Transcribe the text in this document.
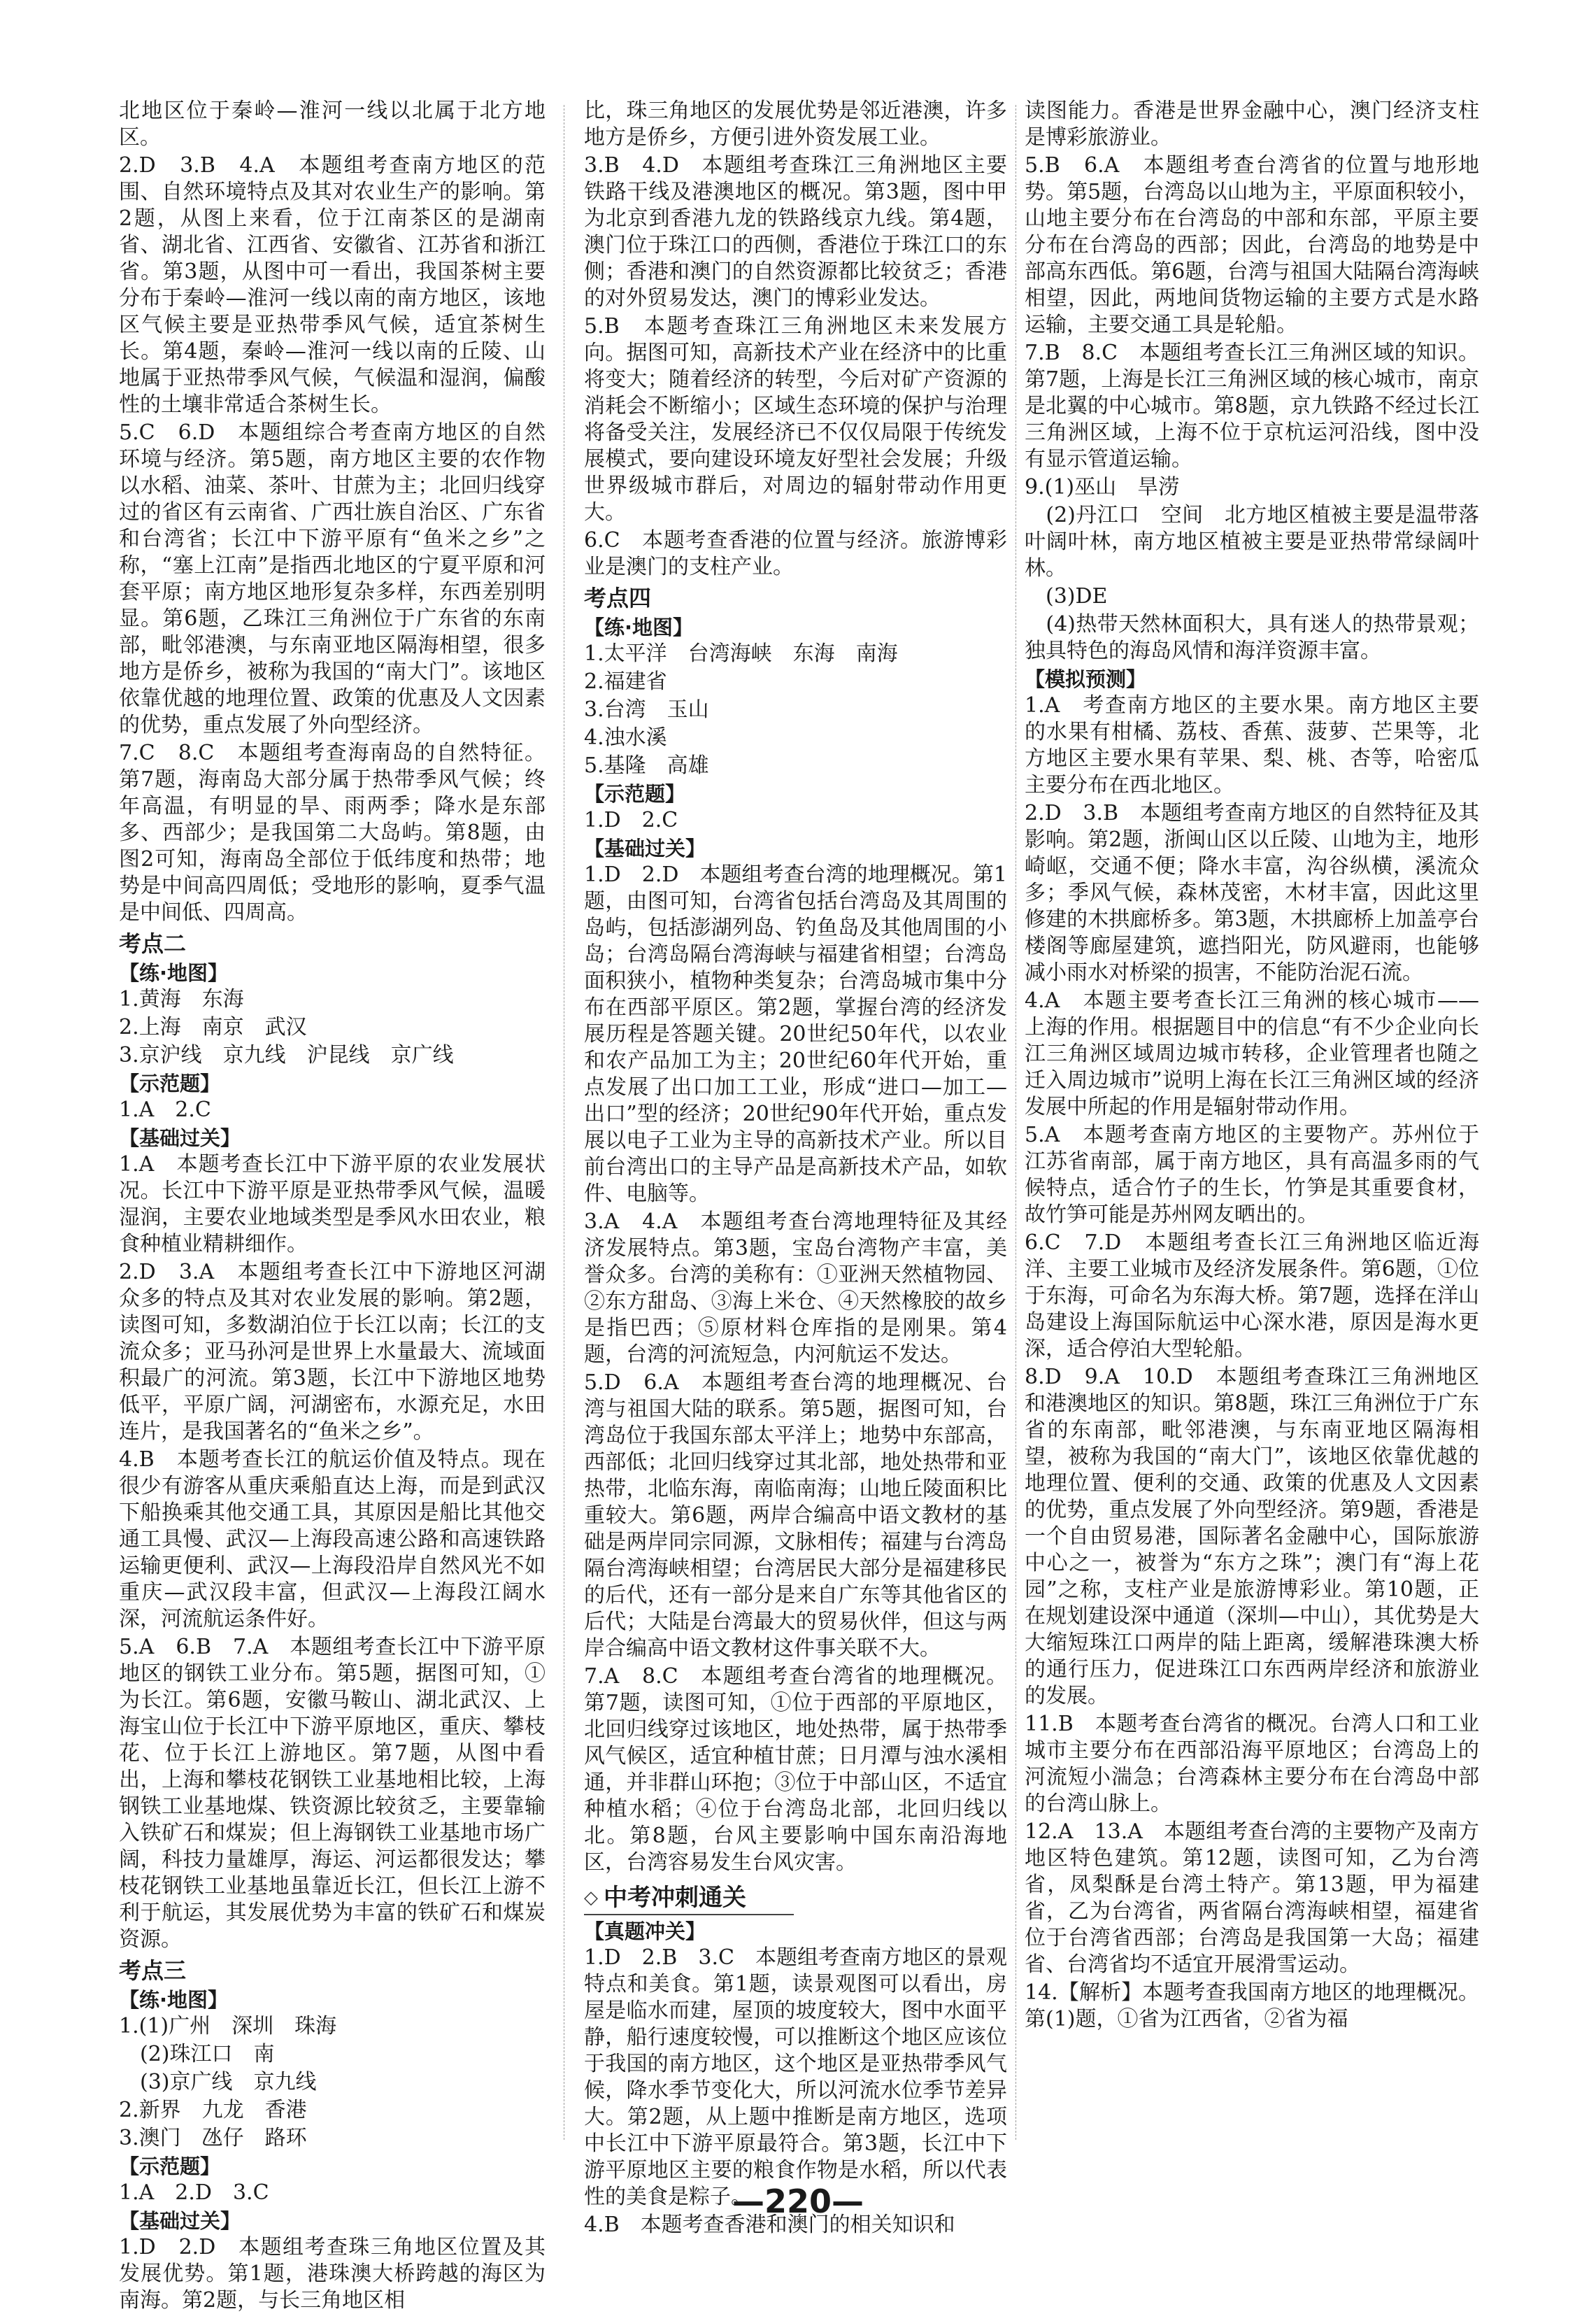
北地区位于秦岭—淮河一线以北属于北方地区。
2.D　3.B　4.A　本题组考查南方地区的范围、自然环境特点及其对农业生产的影响。第2题，从图上来看，位于江南茶区的是湖南省、湖北省、江西省、安徽省、江苏省和浙江省。第3题，从图中可一看出，我国茶树主要分布于秦岭—淮河一线以南的南方地区，该地区气候主要是亚热带季风气候，适宜茶树生长。第4题，秦岭—淮河一线以南的丘陵、山地属于亚热带季风气候，气候温和湿润，偏酸性的土壤非常适合茶树生长。
5.C　6.D　本题组综合考查南方地区的自然环境与经济。第5题，南方地区主要的农作物以水稻、油菜、茶叶、甘蔗为主；北回归线穿过的省区有云南省、广西壮族自治区、广东省和台湾省；长江中下游平原有“鱼米之乡”之称，“塞上江南”是指西北地区的宁夏平原和河套平原；南方地区地形复杂多样，东西差别明显。第6题，乙珠江三角洲位于广东省的东南部，毗邻港澳，与东南亚地区隔海相望，很多地方是侨乡，被称为我国的“南大门”。该地区依靠优越的地理位置、政策的优惠及人文因素的优势，重点发展了外向型经济。
7.C　8.C　本题组考查海南岛的自然特征。第7题，海南岛大部分属于热带季风气候；终年高温，有明显的旱、雨两季；降水是东部多、西部少；是我国第二大岛屿。第8题，由图2可知，海南岛全部位于低纬度和热带；地势是中间高四周低；受地形的影响，夏季气温是中间低、四周高。
考点二
【练·地图】
1.黄海　东海
2.上海　南京　武汉
3.京沪线　京九线　沪昆线　京广线
【示范题】
1.A　2.C
【基础过关】
1.A　本题考查长江中下游平原的农业发展状况。长江中下游平原是亚热带季风气候，温暖湿润，主要农业地域类型是季风水田农业，粮食种植业精耕细作。
2.D　3.A　本题组考查长江中下游地区河湖众多的特点及其对农业发展的影响。第2题，读图可知，多数湖泊位于长江以南；长江的支流众多；亚马孙河是世界上水量最大、流域面积最广的河流。第3题，长江中下游地区地势低平，平原广阔，河湖密布，水源充足，水田连片，是我国著名的“鱼米之乡”。
4.B　本题考查长江的航运价值及特点。现在很少有游客从重庆乘船直达上海，而是到武汉下船换乘其他交通工具，其原因是船比其他交通工具慢、武汉—上海段高速公路和高速铁路运输更便利、武汉—上海段沿岸自然风光不如重庆—武汉段丰富，但武汉—上海段江阔水深，河流航运条件好。
5.A　6.B　7.A　本题组考查长江中下游平原地区的钢铁工业分布。第5题，据图可知，①为长江。第6题，安徽马鞍山、湖北武汉、上海宝山位于长江中下游平原地区，重庆、攀枝花、位于长江上游地区。第7题，从图中看出，上海和攀枝花钢铁工业基地相比较，上海钢铁工业基地煤、铁资源比较贫乏，主要靠输入铁矿石和煤炭；但上海钢铁工业基地市场广阔，科技力量雄厚，海运、河运都很发达；攀枝花钢铁工业基地虽靠近长江，但长江上游不利于航运，其发展优势为丰富的铁矿石和煤炭资源。
考点三
【练·地图】
1.(1)广州　深圳　珠海
　(2)珠江口　南
　(3)京广线　京九线
2.新界　九龙　香港
3.澳门　氹仔　路环
【示范题】
1.A　2.D　3.C
【基础过关】
1.D　2.D　本题组考查珠三角地区位置及其发展优势。第1题，港珠澳大桥跨越的海区为南海。第2题，与长三角地区相
比，珠三角地区的发展优势是邻近港澳，许多地方是侨乡，方便引进外资发展工业。
3.B　4.D　本题组考查珠江三角洲地区主要铁路干线及港澳地区的概况。第3题，图中甲为北京到香港九龙的铁路线京九线。第4题，澳门位于珠江口的西侧，香港位于珠江口的东侧；香港和澳门的自然资源都比较贫乏；香港的对外贸易发达，澳门的博彩业发达。
5.B　本题考查珠江三角洲地区未来发展方向。据图可知，高新技术产业在经济中的比重将变大；随着经济的转型，今后对矿产资源的消耗会不断缩小；区域生态环境的保护与治理将备受关注，发展经济已不仅仅局限于传统发展模式，要向建设环境友好型社会发展；升级世界级城市群后，对周边的辐射带动作用更大。
6.C　本题考查香港的位置与经济。旅游博彩业是澳门的支柱产业。
考点四
【练·地图】
1.太平洋　台湾海峡　东海　南海
2.福建省
3.台湾　玉山
4.浊水溪
5.基隆　高雄
【示范题】
1.D　2.C
【基础过关】
1.D　2.D　本题组考查台湾的地理概况。第1题，由图可知，台湾省包括台湾岛及其周围的岛屿，包括澎湖列岛、钓鱼岛及其他周围的小岛；台湾岛隔台湾海峡与福建省相望；台湾岛面积狭小，植物种类复杂；台湾岛城市集中分布在西部平原区。第2题，掌握台湾的经济发展历程是答题关键。20世纪50年代，以农业和农产品加工为主；20世纪60年代开始，重点发展了出口加工工业，形成“进口—加工—出口”型的经济；20世纪90年代开始，重点发展以电子工业为主导的高新技术产业。所以目前台湾出口的主导产品是高新技术产品，如软件、电脑等。
3.A　4.A　本题组考查台湾地理特征及其经济发展特点。第3题，宝岛台湾物产丰富，美誉众多。台湾的美称有：①亚洲天然植物园、②东方甜岛、③海上米仓、④天然橡胶的故乡是指巴西；⑤原材料仓库指的是刚果。第4题，台湾的河流短急，内河航运不发达。
5.D　6.A　本题组考查台湾的地理概况、台湾与祖国大陆的联系。第5题，据图可知，台湾岛位于我国东部太平洋上；地势中东部高，西部低；北回归线穿过其北部，地处热带和亚热带，北临东海，南临南海；山地丘陵面积比重较大。第6题，两岸合编高中语文教材的基础是两岸同宗同源，文脉相传；福建与台湾岛隔台湾海峡相望；台湾居民大部分是福建移民的后代，还有一部分是来自广东等其他省区的后代；大陆是台湾最大的贸易伙伴，但这与两岸合编高中语文教材这件事关联不大。
7.A　8.C　本题组考查台湾省的地理概况。第7题，读图可知，①位于西部的平原地区，北回归线穿过该地区，地处热带，属于热带季风气候区，适宜种植甘蔗；日月潭与浊水溪相通，并非群山环抱；③位于中部山区，不适宜种植水稻；④位于台湾岛北部，北回归线以北。第8题，台风主要影响中国东南沿海地区，台湾容易发生台风灾害。
◇ 中考冲刺通关
【真题冲关】
1.D　2.B　3.C　本题组考查南方地区的景观特点和美食。第1题，读景观图可以看出，房屋是临水而建，屋顶的坡度较大，图中水面平静，船行速度较慢，可以推断这个地区应该位于我国的南方地区，这个地区是亚热带季风气候，降水季节变化大，所以河流水位季节差异大。第2题，从上题中推断是南方地区，选项中长江中下游平原最符合。第3题，长江中下游平原地区主要的粮食作物是水稻，所以代表性的美食是粽子。
4.B　本题考查香港和澳门的相关知识和
读图能力。香港是世界金融中心，澳门经济支柱是博彩旅游业。
5.B　6.A　本题组考查台湾省的位置与地形地势。第5题，台湾岛以山地为主，平原面积较小，山地主要分布在台湾岛的中部和东部，平原主要分布在台湾岛的西部；因此，台湾岛的地势是中部高东西低。第6题，台湾与祖国大陆隔台湾海峡相望，因此，两地间货物运输的主要方式是水路运输，主要交通工具是轮船。
7.B　8.C　本题组考查长江三角洲区域的知识。第7题，上海是长江三角洲区域的核心城市，南京是北翼的中心城市。第8题，京九铁路不经过长江三角洲区域，上海不位于京杭运河沿线，图中没有显示管道运输。
9.(1)巫山　旱涝
　(2)丹江口　空间　北方地区植被主要是温带落叶阔叶林，南方地区植被主要是亚热带常绿阔叶林。
　(3)DE
　(4)热带天然林面积大，具有迷人的热带景观；独具特色的海岛风情和海洋资源丰富。
【模拟预测】
1.A　考查南方地区的主要水果。南方地区主要的水果有柑橘、荔枝、香蕉、菠萝、芒果等，北方地区主要水果有苹果、梨、桃、杏等，哈密瓜主要分布在西北地区。
2.D　3.B　本题组考查南方地区的自然特征及其影响。第2题，浙闽山区以丘陵、山地为主，地形崎岖，交通不便；降水丰富，沟谷纵横，溪流众多；季风气候，森林茂密，木材丰富，因此这里修建的木拱廊桥多。第3题，木拱廊桥上加盖亭台楼阁等廊屋建筑，遮挡阳光，防风避雨，也能够减小雨水对桥梁的损害，不能防治泥石流。
4.A　本题主要考查长江三角洲的核心城市——上海的作用。根据题目中的信息“有不少企业向长江三角洲区域周边城市转移，企业管理者也随之迁入周边城市”说明上海在长江三角洲区域的经济发展中所起的作用是辐射带动作用。
5.A　本题考查南方地区的主要物产。苏州位于江苏省南部，属于南方地区，具有高温多雨的气候特点，适合竹子的生长，竹笋是其重要食材，故竹笋可能是苏州网友晒出的。
6.C　7.D　本题组考查长江三角洲地区临近海洋、主要工业城市及经济发展条件。第6题，①位于东海，可命名为东海大桥。第7题，选择在洋山岛建设上海国际航运中心深水港，原因是海水更深，适合停泊大型轮船。
8.D　9.A　10.D　本题组考查珠江三角洲地区和港澳地区的知识。第8题，珠江三角洲位于广东省的东南部，毗邻港澳，与东南亚地区隔海相望，被称为我国的“南大门”，该地区依靠优越的地理位置、便利的交通、政策的优惠及人文因素的优势，重点发展了外向型经济。第9题，香港是一个自由贸易港，国际著名金融中心，国际旅游中心之一，被誉为“东方之珠”；澳门有“海上花园”之称，支柱产业是旅游博彩业。第10题，正在规划建设深中通道（深圳—中山），其优势是大大缩短珠江口两岸的陆上距离，缓解港珠澳大桥的通行压力，促进珠江口东西两岸经济和旅游业的发展。
11.B　本题考查台湾省的概况。台湾人口和工业城市主要分布在西部沿海平原地区；台湾岛上的河流短小湍急；台湾森林主要分布在台湾岛中部的台湾山脉上。
12.A　13.A　本题组考查台湾的主要物产及南方地区特色建筑。第12题，读图可知，乙为台湾省，凤梨酥是台湾土特产。第13题，甲为福建省，乙为台湾省，两省隔台湾海峡相望，福建省位于台湾省西部；台湾岛是我国第一大岛；福建省、台湾省均不适宜开展滑雪运动。
14.【解析】本题考查我国南方地区的地理概况。第(1)题，①省为江西省，②省为福
—220—
